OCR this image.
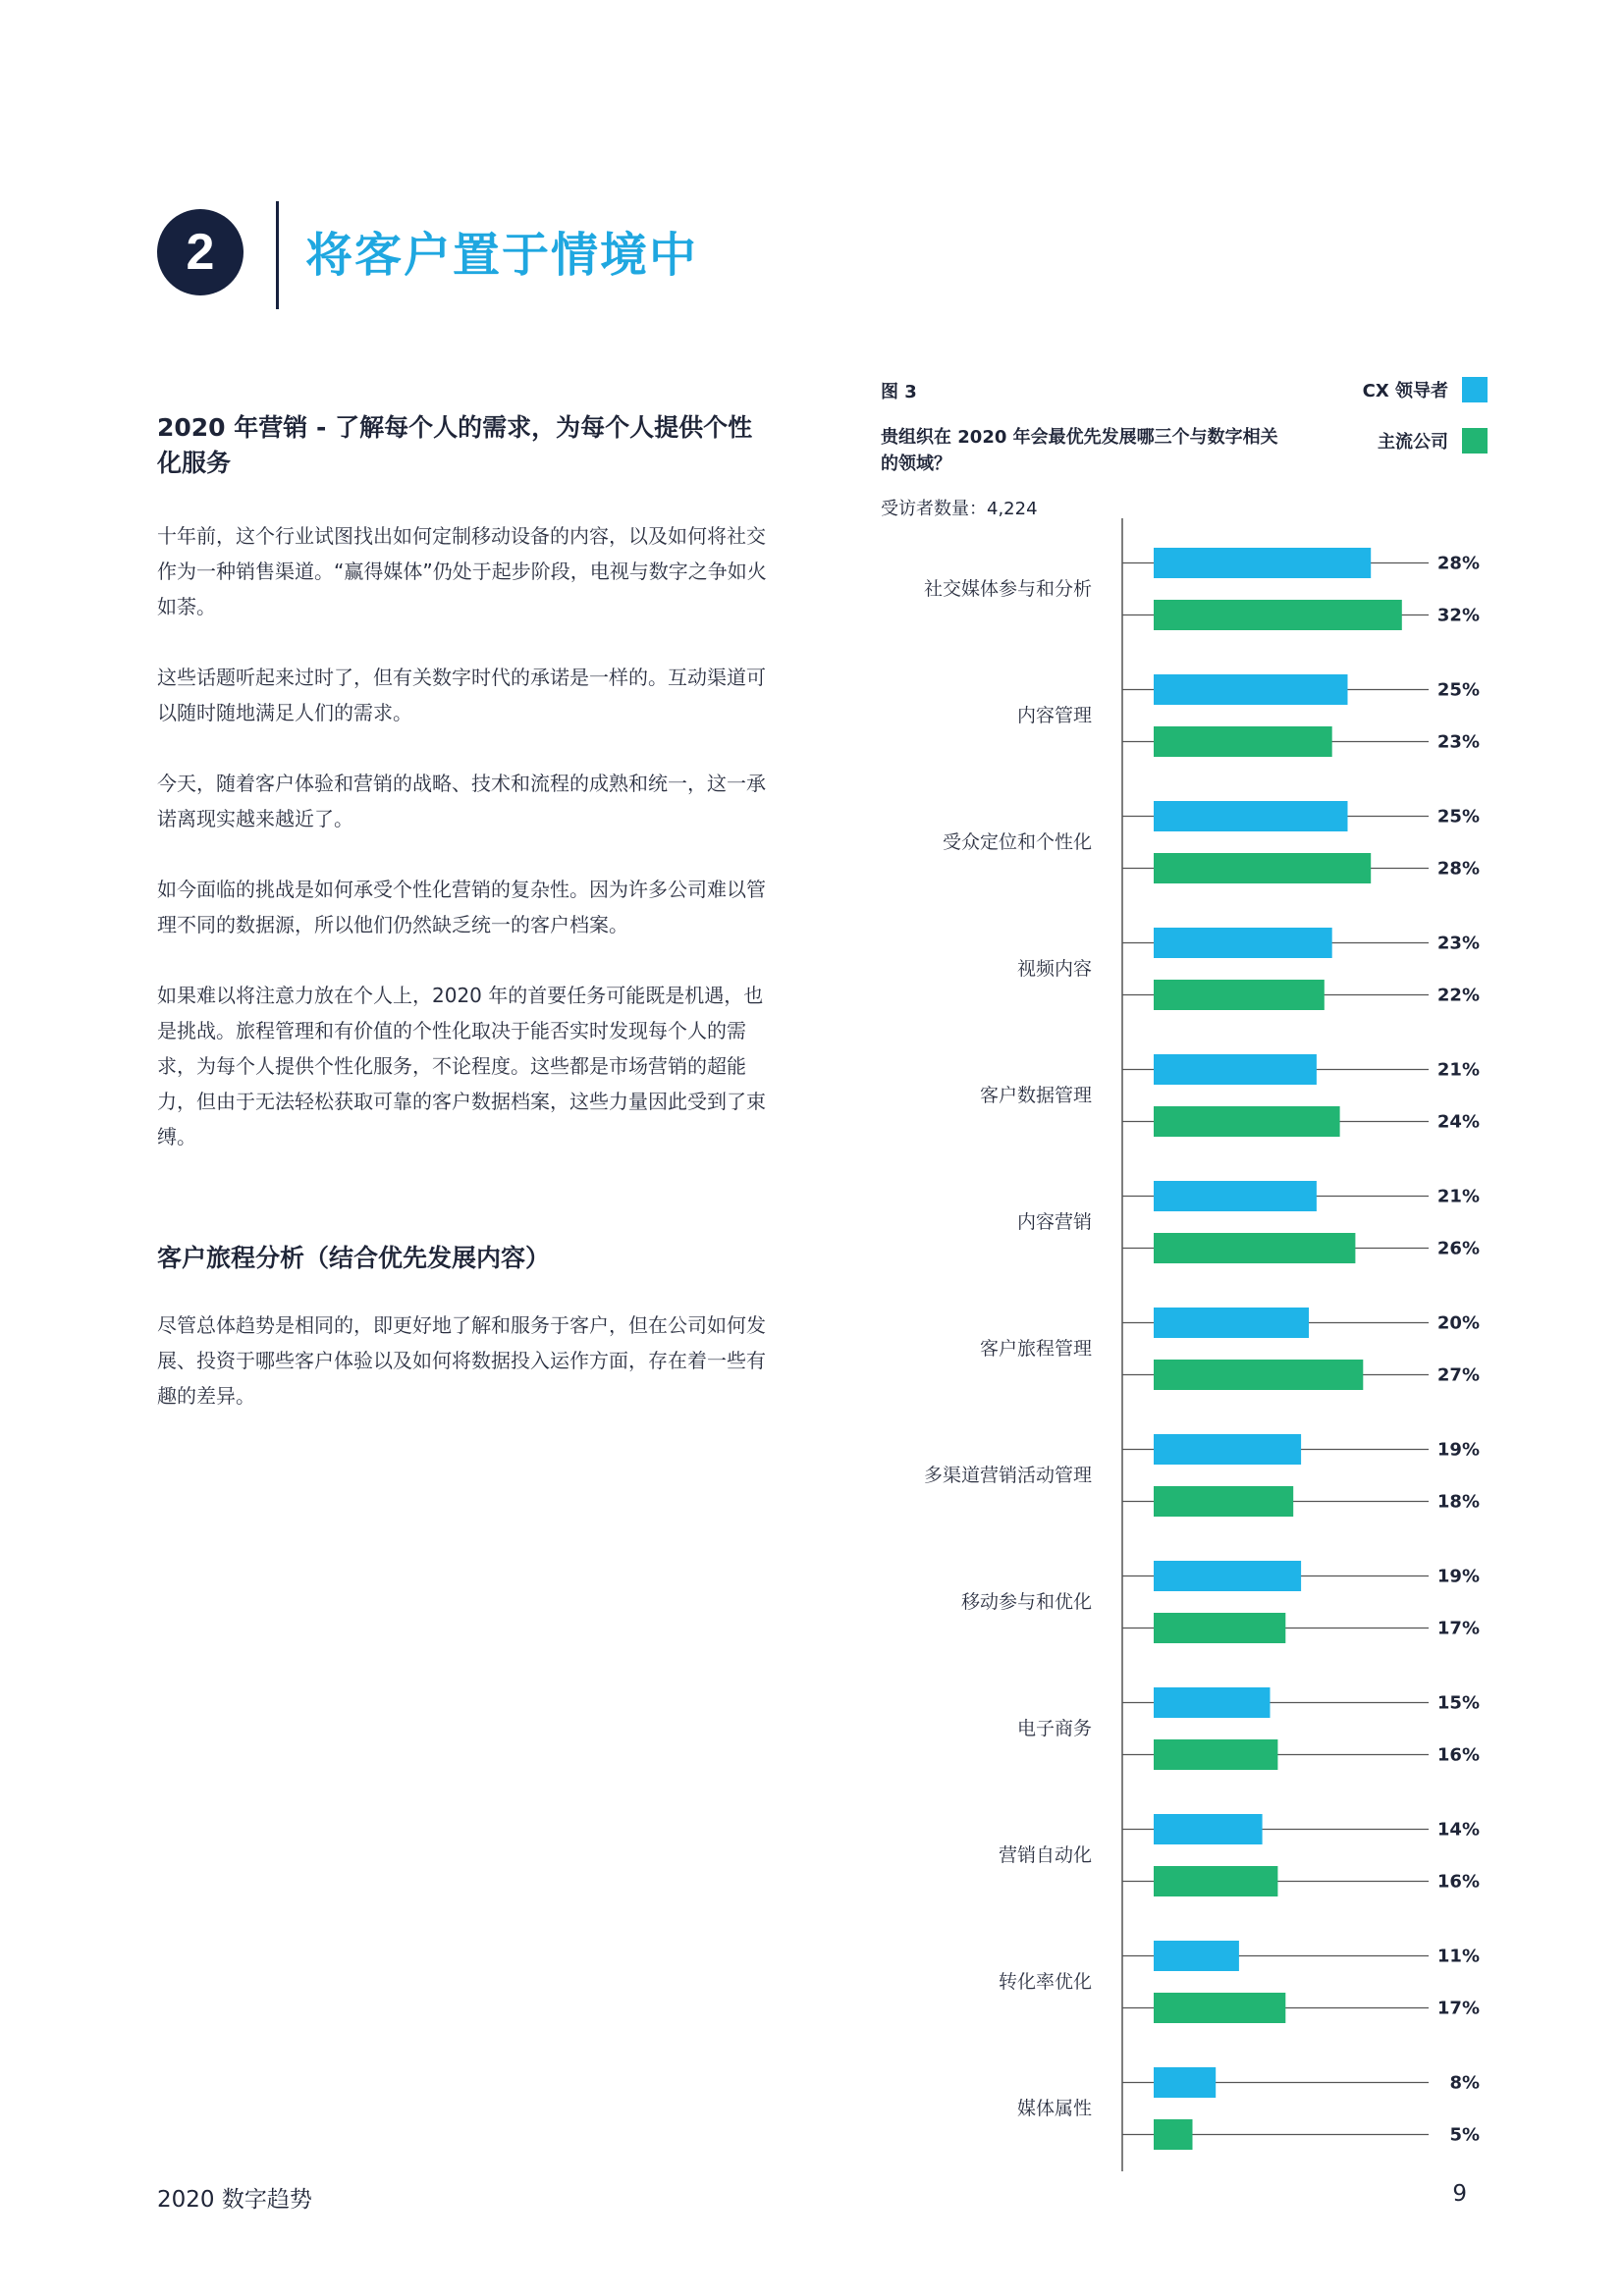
2	将客户置于情境中
2020 年营销 - 了解每个人的需求，为每个人提供个性化服务

十年前，这个行业试图找出如何定制移动设备的内容，以及如何将社交作为一种销售渠道。“赢得媒体”仍处于起步阶段，电视与数字之争如火如荼。

这些话题听起来过时了，但有关数字时代的承诺是一样的。互动渠道可以随时随地满足人们的需求。

今天，随着客户体验和营销的战略、技术和流程的成熟和统一，这一承诺离现实越来越近了。

如今面临的挑战是如何承受个性化营销的复杂性。因为许多公司难以管理不同的数据源，所以他们仍然缺乏统一的客户档案。

如果难以将注意力放在个人上，2020 年的首要任务可能既是机遇，也是挑战。旅程管理和有价值的个性化取决于能否实时发现每个人的需求，为每个人提供个性化服务，不论程度。这些都是市场营销的超能力，但由于无法轻松获取可靠的客户数据档案，这些力量因此受到了束缚。

客户旅程分析（结合优先发展内容）

尽管总体趋势是相同的，即更好地了解和服务于客户，但在公司如何发展、投资于哪些客户体验以及如何将数据投入运作方面，存在着一些有趣的差异。

图 3

贵组织在 2020 年会最优先发展哪三个与数字相关的领域？

受访者数量：4,224
CX 领导者
主流公司
社交媒体参与和分析
28%
32%
内容管理
25%
23%
受众定位和个性化
25%
28%
视频内容
23%
22%
客户数据管理
21%
24%
内容营销
21%
26%
客户旅程管理
20%
27%
多渠道营销活动管理
19%
18%
移动参与和优化
19%
17%
电子商务
15%
16%
营销自动化
14%
16%
转化率优化
11%
17%
媒体属性
8%
5%
2020 数字趋势	9
